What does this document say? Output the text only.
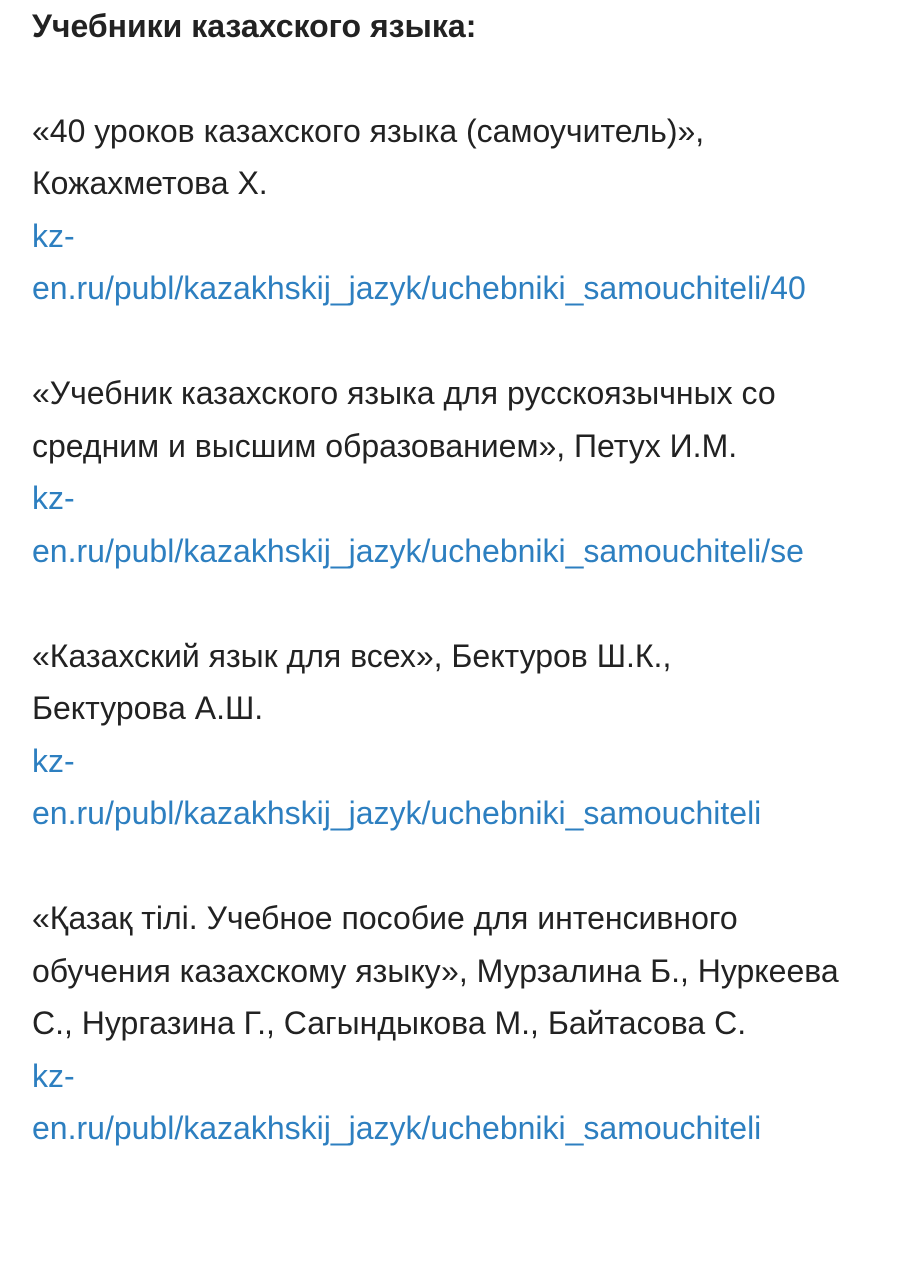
Учебники казахского языка:
«40 уроков казахского языка (самоучитель)», Кожахметова Х.
kz-
en.ru/publ/kazakhskij_jazyk/uchebniki_samouchiteli/40
«Учебник казахского языка для русскоязычных со средним и высшим образованием», Петух И.М.
kz-
en.ru/publ/kazakhskij_jazyk/uchebniki_samouchiteli/se
«Казахский язык для всех», Бектуров Ш.К., Бектурова А.Ш.
kz-
en.ru/publ/kazakhskij_jazyk/uchebniki_samouchiteli
«Қазақ тілі. Учебное пособие для интенсивного обучения казахскому языку», Мурзалина Б., Нуркеева С., Нургазина Г., Сагындыкова М., Байтасова С.
kz-
en.ru/publ/kazakhskij_jazyk/uchebniki_samouchiteli
